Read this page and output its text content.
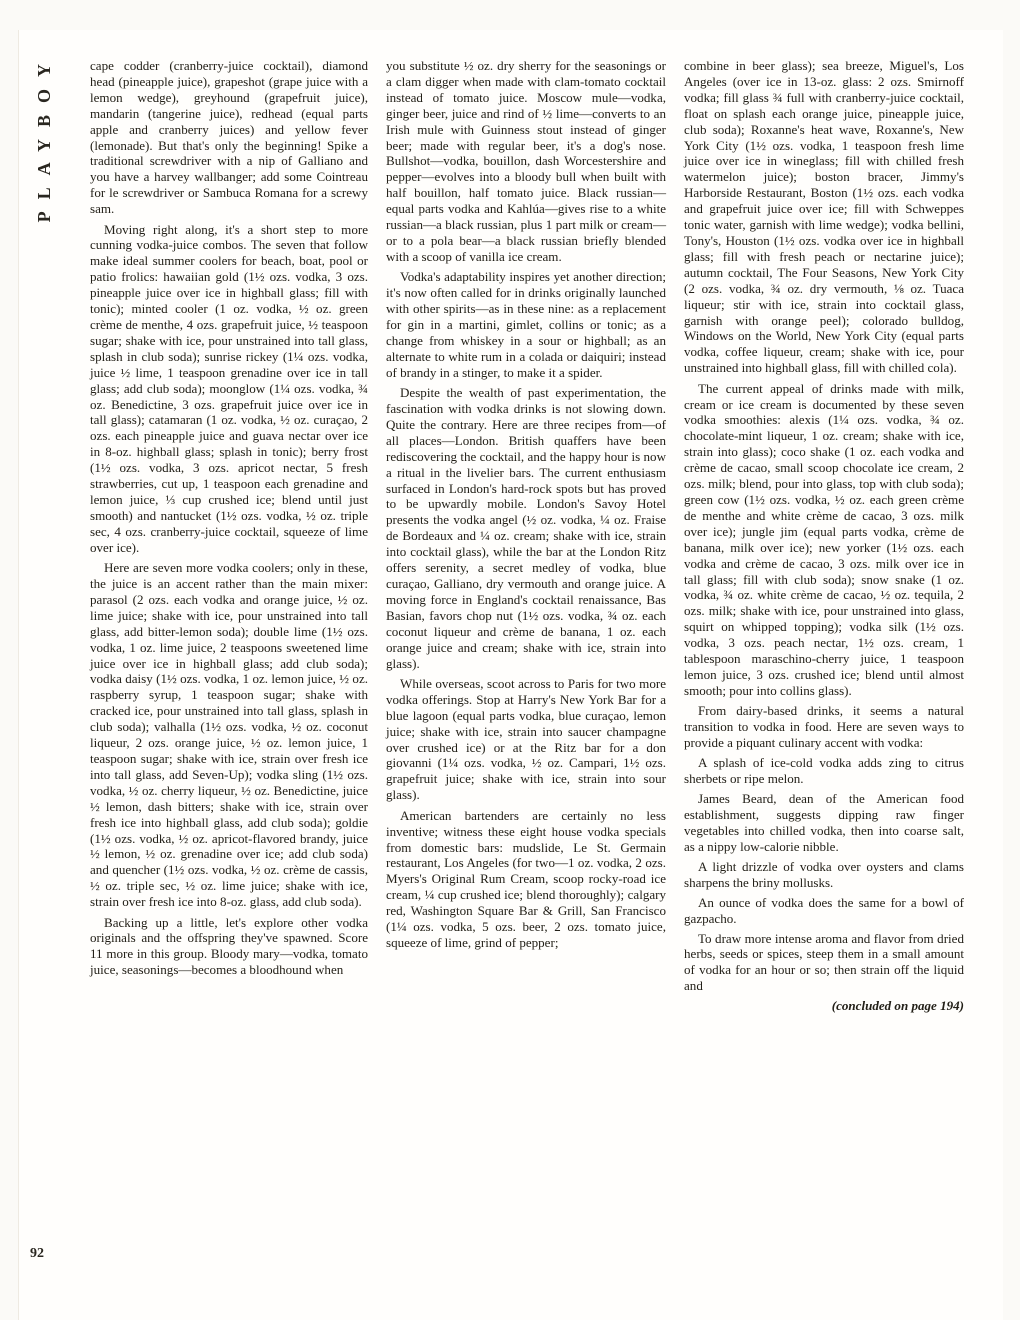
PLAYBOY	cape codder (cranberry-juice cocktail), diamond head (pineapple juice), grapeshot (grape juice with a lemon wedge), greyhound (grapefruit juice), mandarin (tangerine juice), redhead (equal parts apple and cranberry juices) and yellow fever (lemonade). But that's only the beginning! Spike a traditional screwdriver with a nip of Galliano and you have a harvey wallbanger; add some Cointreau for le screwdriver or Sambuca Romana for a screwy sam.

Moving right along, it's a short step to more cunning vodka-juice combos. The seven that follow make ideal summer coolers for beach, boat, pool or patio frolics: hawaiian gold (1½ ozs. vodka, 3 ozs. pineapple juice over ice in highball glass; fill with tonic); minted cooler (1 oz. vodka, ½ oz. green crème de menthe, 4 ozs. grapefruit juice, ½ teaspoon sugar; shake with ice, pour unstrained into tall glass, splash in club soda); sunrise rickey (1¼ ozs. vodka, juice ½ lime, 1 teaspoon grenadine over ice in tall glass; add club soda); moonglow (1¼ ozs. vodka, ¾ oz. Benedictine, 3 ozs. grapefruit juice over ice in tall glass); catamaran (1 oz. vodka, ½ oz. curaçao, 2 ozs. each pineapple juice and guava nectar over ice in 8-oz. highball glass; splash in tonic); berry frost (1½ ozs. vodka, 3 ozs. apricot nectar, 5 fresh strawberries, cut up, 1 teaspoon each grenadine and lemon juice, ⅓ cup crushed ice; blend until just smooth) and nantucket (1½ ozs. vodka, ½ oz. triple sec, 4 ozs. cranberry-juice cocktail, squeeze of lime over ice).

Here are seven more vodka coolers; only in these, the juice is an accent rather than the main mixer: parasol (2 ozs. each vodka and orange juice, ½ oz. lime juice; shake with ice, pour unstrained into tall glass, add bitter-lemon soda); double lime (1½ ozs. vodka, 1 oz. lime juice, 2 teaspoons sweetened lime juice over ice in highball glass; add club soda); vodka daisy (1½ ozs. vodka, 1 oz. lemon juice, ½ oz. raspberry syrup, 1 teaspoon sugar; shake with cracked ice, pour unstrained into tall glass, splash in club soda); valhalla (1½ ozs. vodka, ½ oz. coconut liqueur, 2 ozs. orange juice, ½ oz. lemon juice, 1 teaspoon sugar; shake with ice, strain over fresh ice into tall glass, add Seven-Up); vodka sling (1½ ozs. vodka, ½ oz. cherry liqueur, ½ oz. Benedictine, juice ½ lemon, dash bitters; shake with ice, strain over fresh ice into highball glass, add club soda); goldie (1½ ozs. vodka, ½ oz. apricot-flavored brandy, juice ½ lemon, ½ oz. grenadine over ice; add club soda) and quencher (1½ ozs. vodka, ½ oz. crème de cassis, ½ oz. triple sec, ½ oz. lime juice; shake with ice, strain over fresh ice into 8-oz. glass, add club soda).

Backing up a little, let's explore other vodka originals and the offspring they've spawned. Score 11 more in this group. Bloody mary—vodka, tomato juice, seasonings—becomes a bloodhound when

you substitute ½ oz. dry sherry for the seasonings or a clam digger when made with clam-tomato cocktail instead of tomato juice. Moscow mule—vodka, ginger beer, juice and rind of ½ lime—converts to an Irish mule with Guinness stout instead of ginger beer; made with regular beer, it's a dog's nose. Bullshot—vodka, bouillon, dash Worcestershire and pepper—evolves into a bloody bull when built with half bouillon, half tomato juice. Black russian—equal parts vodka and Kahlúa—gives rise to a white russian—a black russian, plus 1 part milk or cream—or to a pola bear—a black russian briefly blended with a scoop of vanilla ice cream.

Vodka's adaptability inspires yet another direction; it's now often called for in drinks originally launched with other spirits—as in these nine: as a replacement for gin in a martini, gimlet, collins or tonic; as a change from whiskey in a sour or highball; as an alternate to white rum in a colada or daiquiri; instead of brandy in a stinger, to make it a spider.

Despite the wealth of past experimentation, the fascination with vodka drinks is not slowing down. Quite the contrary. Here are three recipes from—of all places—London. British quaffers have been rediscovering the cocktail, and the happy hour is now a ritual in the livelier bars. The current enthusiasm surfaced in London's hard-rock spots but has proved to be upwardly mobile. London's Savoy Hotel presents the vodka angel (½ oz. vodka, ¼ oz. Fraise de Bordeaux and ¼ oz. cream; shake with ice, strain into cocktail glass), while the bar at the London Ritz offers serenity, a secret medley of vodka, blue curaçao, Galliano, dry vermouth and orange juice. A moving force in England's cocktail renaissance, Bas Basian, favors chop nut (1½ ozs. vodka, ¾ oz. each coconut liqueur and crème de banana, 1 oz. each orange juice and cream; shake with ice, strain into glass).

While overseas, scoot across to Paris for two more vodka offerings. Stop at Harry's New York Bar for a blue lagoon (equal parts vodka, blue curaçao, lemon juice; shake with ice, strain into saucer champagne over crushed ice) or at the Ritz bar for a don giovanni (1¼ ozs. vodka, ½ oz. Campari, 1½ ozs. grapefruit juice; shake with ice, strain into sour glass).

American bartenders are certainly no less inventive; witness these eight house vodka specials from domestic bars: mudslide, Le St. Germain restaurant, Los Angeles (for two—1 oz. vodka, 2 ozs. Myers's Original Rum Cream, scoop rocky-road ice cream, ¼ cup crushed ice; blend thoroughly); calgary red, Washington Square Bar & Grill, San Francisco (1¼ ozs. vodka, 5 ozs. beer, 2 ozs. tomato juice, squeeze of lime, grind of pepper;

combine in beer glass); sea breeze, Miguel's, Los Angeles (over ice in 13-oz. glass: 2 ozs. Smirnoff vodka; fill glass ¾ full with cranberry-juice cocktail, float on splash each orange juice, pineapple juice, club soda); Roxanne's heat wave, Roxanne's, New York City (1½ ozs. vodka, 1 teaspoon fresh lime juice over ice in wineglass; fill with chilled fresh watermelon juice); boston bracer, Jimmy's Harborside Restaurant, Boston (1½ ozs. each vodka and grapefruit juice over ice; fill with Schweppes tonic water, garnish with lime wedge); vodka bellini, Tony's, Houston (1½ ozs. vodka over ice in highball glass; fill with fresh peach or nectarine juice); autumn cocktail, The Four Seasons, New York City (2 ozs. vodka, ¾ oz. dry vermouth, ⅛ oz. Tuaca liqueur; stir with ice, strain into cocktail glass, garnish with orange peel); colorado bulldog, Windows on the World, New York City (equal parts vodka, coffee liqueur, cream; shake with ice, pour unstrained into highball glass, fill with chilled cola).

The current appeal of drinks made with milk, cream or ice cream is documented by these seven vodka smoothies: alexis (1¼ ozs. vodka, ¾ oz. chocolate-mint liqueur, 1 oz. cream; shake with ice, strain into glass); coco shake (1 oz. each vodka and crème de cacao, small scoop chocolate ice cream, 2 ozs. milk; blend, pour into glass, top with club soda); green cow (1½ ozs. vodka, ½ oz. each green crème de menthe and white crème de cacao, 3 ozs. milk over ice); jungle jim (equal parts vodka, crème de banana, milk over ice); new yorker (1½ ozs. each vodka and crème de cacao, 3 ozs. milk over ice in tall glass; fill with club soda); snow snake (1 oz. vodka, ¾ oz. white crème de cacao, ½ oz. tequila, 2 ozs. milk; shake with ice, pour unstrained into glass, squirt on whipped topping); vodka silk (1½ ozs. vodka, 3 ozs. peach nectar, 1½ ozs. cream, 1 tablespoon maraschino-cherry juice, 1 teaspoon lemon juice, 3 ozs. crushed ice; blend until almost smooth; pour into collins glass).

From dairy-based drinks, it seems a natural transition to vodka in food. Here are seven ways to provide a piquant culinary accent with vodka:

A splash of ice-cold vodka adds zing to citrus sherbets or ripe melon.

James Beard, dean of the American food establishment, suggests dipping raw finger vegetables into chilled vodka, then into coarse salt, as a nippy low-calorie nibble.

A light drizzle of vodka over oysters and clams sharpens the briny mollusks.

An ounce of vodka does the same for a bowl of gazpacho.

To draw more intense aroma and flavor from dried herbs, seeds or spices, steep them in a small amount of vodka for an hour or so; then strain off the liquid and

(concluded on page 194)

92
